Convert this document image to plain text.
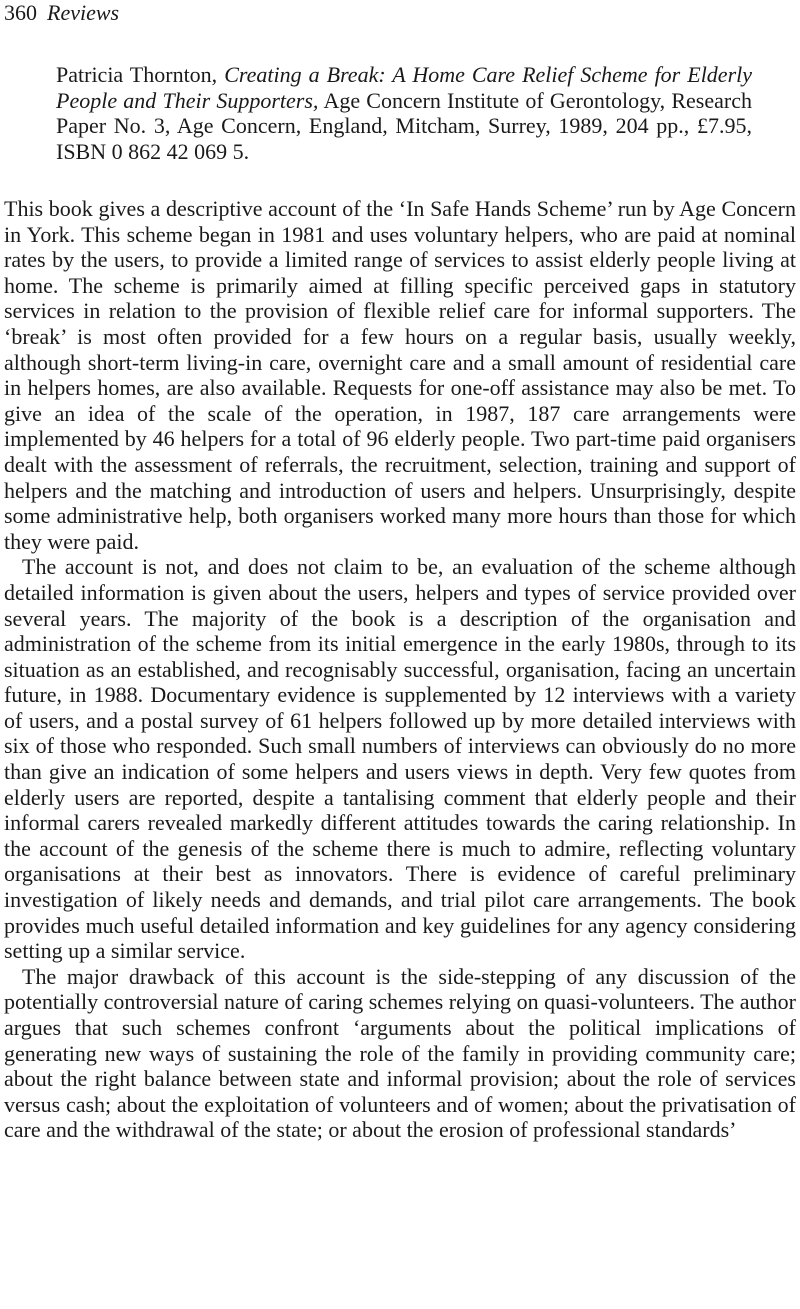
360 Reviews
Patricia Thornton, Creating a Break: A Home Care Relief Scheme for Elderly People and Their Supporters, Age Concern Institute of Gerontology, Research Paper No. 3, Age Concern, England, Mitcham, Surrey, 1989, 204 pp., £7.95, ISBN 0 862 42 069 5.

This book gives a descriptive account of the ‘In Safe Hands Scheme’ run by Age Concern in York. This scheme began in 1981 and uses voluntary helpers, who are paid at nominal rates by the users, to provide a limited range of services to assist elderly people living at home. The scheme is primarily aimed at filling specific perceived gaps in statutory services in relation to the provision of flexible relief care for informal supporters. The ‘break’ is most often provided for a few hours on a regular basis, usually weekly, although short-term living-in care, overnight care and a small amount of residential care in helpers homes, are also available. Requests for one-off assistance may also be met. To give an idea of the scale of the operation, in 1987, 187 care arrangements were implemented by 46 helpers for a total of 96 elderly people. Two part-time paid organisers dealt with the assessment of referrals, the recruitment, selection, training and support of helpers and the matching and introduction of users and helpers. Unsurprisingly, despite some administrative help, both organisers worked many more hours than those for which they were paid.

The account is not, and does not claim to be, an evaluation of the scheme although detailed information is given about the users, helpers and types of service provided over several years. The majority of the book is a description of the organisation and administration of the scheme from its initial emergence in the early 1980s, through to its situation as an established, and recognisably successful, organisation, facing an uncertain future, in 1988. Documentary evidence is supplemented by 12 interviews with a variety of users, and a postal survey of 61 helpers followed up by more detailed interviews with six of those who responded. Such small numbers of interviews can obviously do no more than give an indication of some helpers and users views in depth. Very few quotes from elderly users are reported, despite a tantalising comment that elderly people and their informal carers revealed markedly different attitudes towards the caring relationship. In the account of the genesis of the scheme there is much to admire, reflecting voluntary organisations at their best as innovators. There is evidence of careful preliminary investigation of likely needs and demands, and trial pilot care arrangements. The book provides much useful detailed information and key guidelines for any agency considering setting up a similar service.

The major drawback of this account is the side-stepping of any discussion of the potentially controversial nature of caring schemes relying on quasi-volunteers. The author argues that such schemes confront ‘arguments about the political implications of generating new ways of sustaining the role of the family in providing community care; about the right balance between state and informal provision; about the role of services versus cash; about the exploitation of volunteers and of women; about the privatisation of care and the withdrawal of the state; or about the erosion of professional standards’
